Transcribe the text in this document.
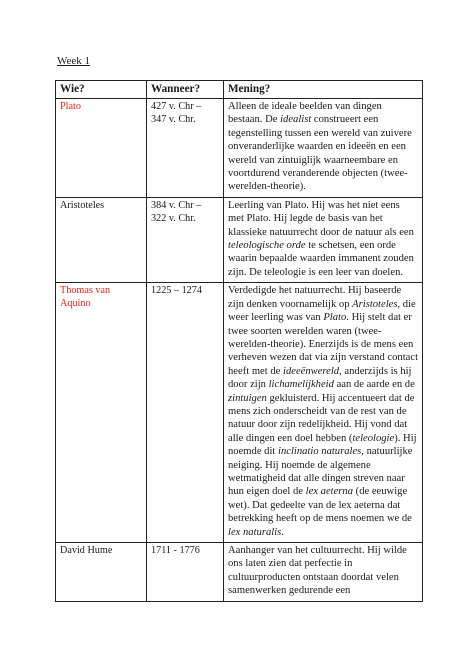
Week 1
Wie?	Wanneer?	Mening?
Plato	427 v. Chr – 347 v. Chr.	Alleen de ideale beelden van dingen bestaan. De idealist construeert een tegenstelling tussen een wereld van zuivere onveranderlijke waarden en ideeën en een wereld van zintuiglijk waarneembare en voortdurend veranderende objecten (twee-werelden-theorie).
Aristoteles	384 v. Chr – 322 v. Chr.	Leerling van Plato. Hij was het niet eens met Plato. Hij legde de basis van het klassieke natuurrecht door de natuur als een teleologische orde te schetsen, een orde waarin bepaalde waarden immanent zouden zijn. De teleologie is een leer van doelen.
Thomas van Aquino	1225 – 1274	Verdedigde het natuurrecht. Hij baseerde zijn denken voornamelijk op Aristoteles, die weer leerling was van Plato. Hij stelt dat er twee soorten werelden waren (twee-werelden-theorie). Enerzijds is de mens een verheven wezen dat via zijn verstand contact heeft met de ideeënwereld, anderzijds is hij door zijn lichamelijkheid aan de aarde en de zintuigen gekluisterd. Hij accentueert dat de mens zich onderscheidt van de rest van de natuur door zijn redelijkheid. Hij vond dat alle dingen een doel hebben (teleologie). Hij noemde dit inclinatio naturales, natuurlijke neiging. Hij noemde de algemene wetmatigheid dat alle dingen streven naar hun eigen doel de lex aeterna (de eeuwige wet). Dat gedeelte van de lex aeterna dat betrekking heeft op de mens noemen we de lex naturalis.
David Hume	1711 - 1776	Aanhanger van het cultuurrecht. Hij wilde ons laten zien dat perfectie in cultuurproducten ontstaan doordat velen samenwerken gedurende een
